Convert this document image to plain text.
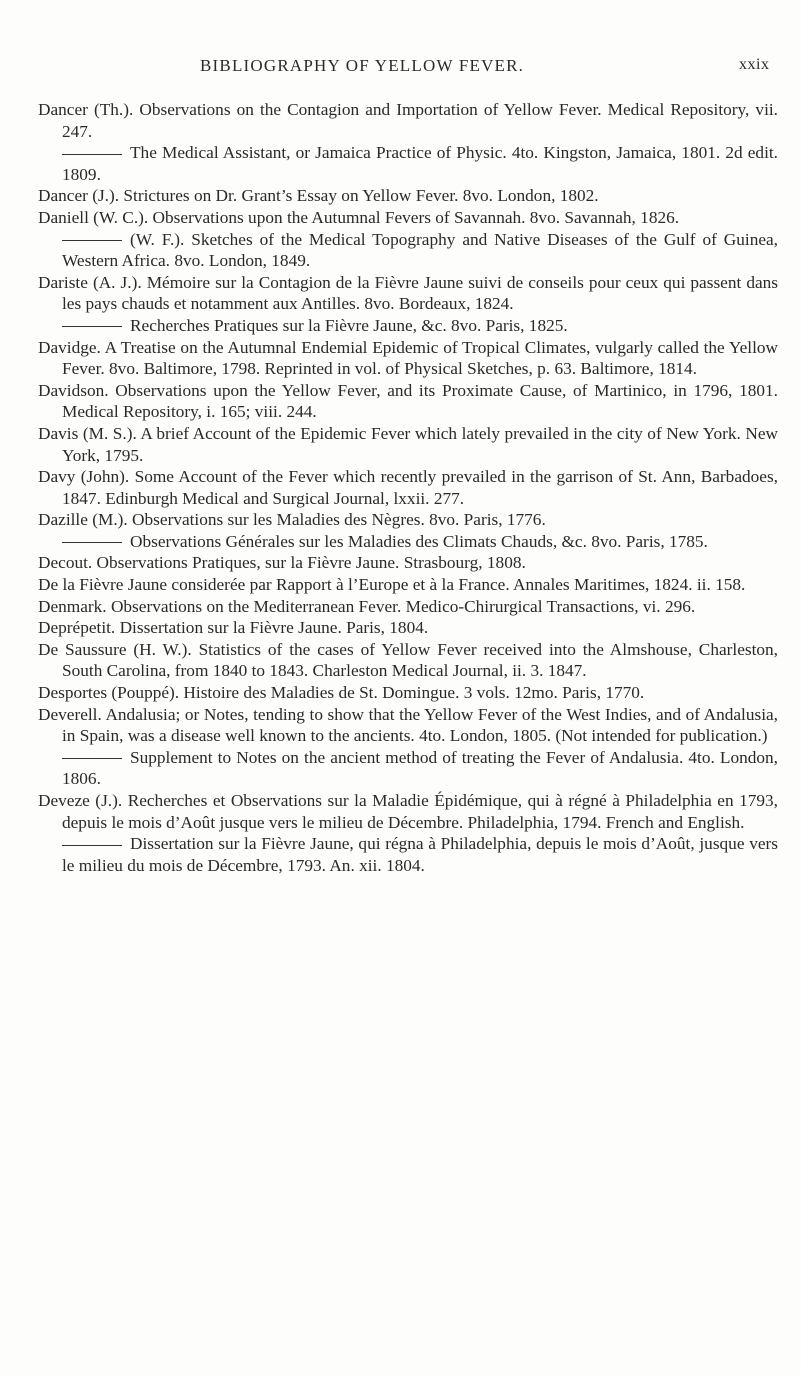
BIBLIOGRAPHY OF YELLOW FEVER.	xxix

Dancer (Th.). Observations on the Contagion and Importation of Yellow Fever. Medical Repository, vii. 247.

The Medical Assistant, or Jamaica Practice of Physic. 4to. Kingston, Jamaica, 1801. 2d edit. 1809.

Dancer (J.). Strictures on Dr. Grant’s Essay on Yellow Fever. 8vo. London, 1802.

Daniell (W. C.). Observations upon the Autumnal Fevers of Savannah. 8vo. Savannah, 1826.

(W. F.). Sketches of the Medical Topography and Native Diseases of the Gulf of Guinea, Western Africa. 8vo. London, 1849.

Dariste (A. J.). Mémoire sur la Contagion de la Fièvre Jaune suivi de conseils pour ceux qui passent dans les pays chauds et notamment aux Antilles. 8vo. Bordeaux, 1824.

Recherches Pratiques sur la Fièvre Jaune, &c. 8vo. Paris, 1825.

Davidge. A Treatise on the Autumnal Endemial Epidemic of Tropical Climates, vulgarly called the Yellow Fever. 8vo. Baltimore, 1798. Reprinted in vol. of Physical Sketches, p. 63. Baltimore, 1814.

Davidson. Observations upon the Yellow Fever, and its Proximate Cause, of Martinico, in 1796, 1801. Medical Repository, i. 165; viii. 244.

Davis (M. S.). A brief Account of the Epidemic Fever which lately prevailed in the city of New York. New York, 1795.

Davy (John). Some Account of the Fever which recently prevailed in the garrison of St. Ann, Barbadoes, 1847. Edinburgh Medical and Surgical Journal, lxxii. 277.

Dazille (M.). Observations sur les Maladies des Nègres. 8vo. Paris, 1776.

Observations Générales sur les Maladies des Climats Chauds, &c. 8vo. Paris, 1785.

Decout. Observations Pratiques, sur la Fièvre Jaune. Strasbourg, 1808.

De la Fièvre Jaune considerée par Rapport à l’Europe et à la France. Annales Maritimes, 1824. ii. 158.

Denmark. Observations on the Mediterranean Fever. Medico-Chirurgical Transactions, vi. 296.

Deprépetit. Dissertation sur la Fièvre Jaune. Paris, 1804.

De Saussure (H. W.). Statistics of the cases of Yellow Fever received into the Almshouse, Charleston, South Carolina, from 1840 to 1843. Charleston Medical Journal, ii. 3. 1847.

Desportes (Pouppé). Histoire des Maladies de St. Domingue. 3 vols. 12mo. Paris, 1770.

Deverell. Andalusia; or Notes, tending to show that the Yellow Fever of the West Indies, and of Andalusia, in Spain, was a disease well known to the ancients. 4to. London, 1805. (Not intended for publication.)

Supplement to Notes on the ancient method of treating the Fever of Andalusia. 4to. London, 1806.

Deveze (J.). Recherches et Observations sur la Maladie Épidémique, qui à régné à Philadelphia en 1793, depuis le mois d’Août jusque vers le milieu de Décembre. Philadelphia, 1794. French and English.

Dissertation sur la Fièvre Jaune, qui régna à Philadelphia, depuis le mois d’Août, jusque vers le milieu du mois de Décembre, 1793. An. xii. 1804.
